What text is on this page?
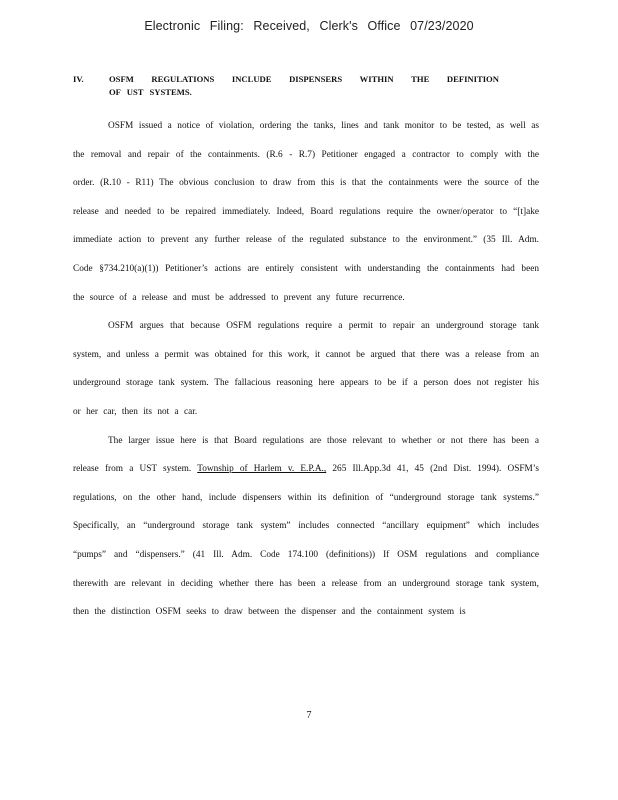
Electronic Filing: Received, Clerk's Office 07/23/2020
IV.	OSFM REGULATIONS INCLUDE DISPENSERS WITHIN THE DEFINITION
OF UST SYSTEMS.

OSFM issued a notice of violation, ordering the tanks, lines and tank monitor to be tested, as well as the removal and repair of the containments. (R.6 - R.7) Petitioner engaged a contractor to comply with the order. (R.10 - R11) The obvious conclusion to draw from this is that the containments were the source of the release and needed to be repaired immediately. Indeed, Board regulations require the owner/operator to “[t]ake immediate action to prevent any further release of the regulated substance to the environment.” (35 Ill. Adm. Code §734.210(a)(1)) Petitioner’s actions are entirely consistent with understanding the containments had been the source of a release and must be addressed to prevent any future recurrence.

OSFM argues that because OSFM regulations require a permit to repair an underground storage tank system, and unless a permit was obtained for this work, it cannot be argued that there was a release from an underground storage tank system. The fallacious reasoning here appears to be if a person does not register his or her car, then its not a car.

The larger issue here is that Board regulations are those relevant to whether or not there has been a release from a UST system. Township of Harlem v. E.P.A., 265 Ill.App.3d 41, 45 (2nd Dist. 1994). OSFM’s regulations, on the other hand, include dispensers within its definition of “underground storage tank systems.” Specifically, an “underground storage tank system” includes connected “ancillary equipment” which includes “pumps” and “dispensers.” (41 Ill. Adm. Code 174.100 (definitions)) If OSM regulations and compliance therewith are relevant in deciding whether there has been a release from an underground storage tank system, then the distinction OSFM seeks to draw between the dispenser and the containment system is

7
